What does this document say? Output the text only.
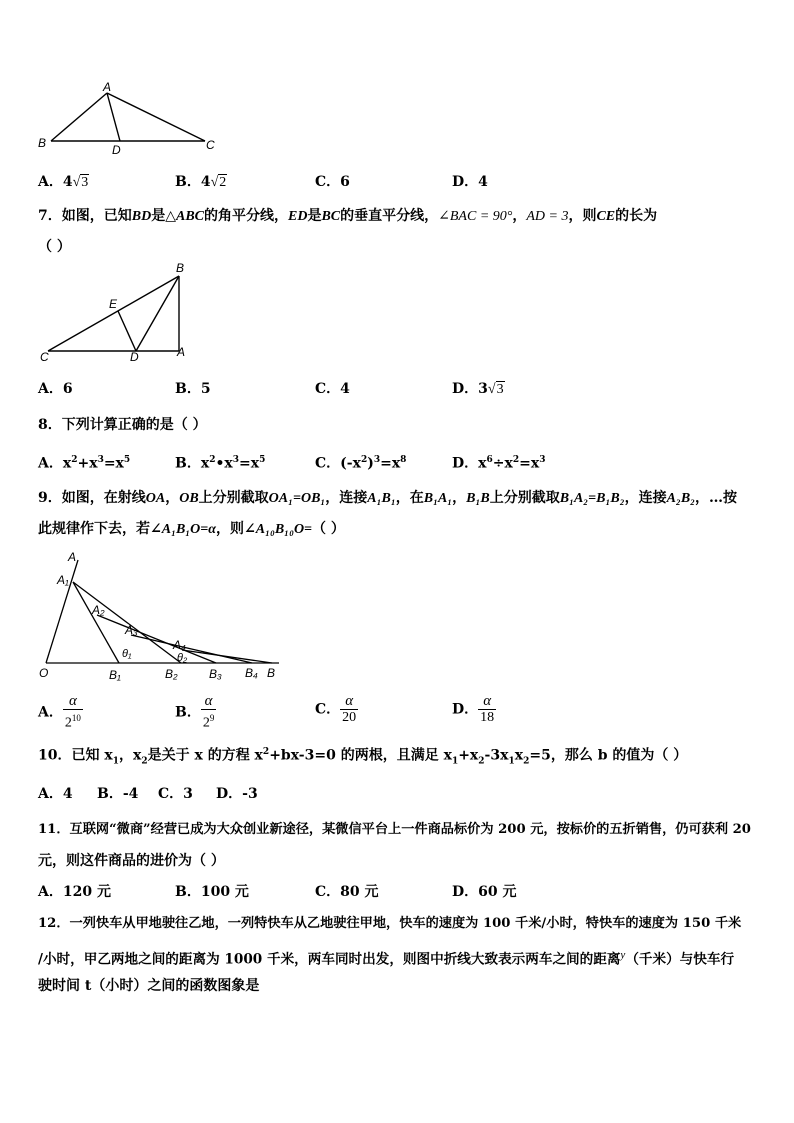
A
B	D	C
A．4√3	B．4√2	C．6	D．4
7．如图，已知BD是△ABC的角平分线，ED是BC的垂直平分线，∠BAC = 90°，AD = 3，则CE的长为
（ ）
B
E
C	D	A
A．6	B．5	C．4	D．3√3
8．下列计算正确的是（ ）
A．$x^2+x^3=x^5$	B．$x^2•x^3=x^5$	C．$(-x^2)^3=x^8$	D．$x^6\div x^2=x^3$
9．如图，在射线OA，OB上分别截取OA₁=OB₁，连接A₁B₁，在B₁A₁，B₁B上分别截取B₁A₂=B₁B₂，连接A₂B₂，…按
此规律作下去，若∠A₁B₁O=α，则∠A₁₀B₁₀O=（ ）
A
A₁
A₂
A₃
A₄
θ₁	θ₂
O	B₁	B₂	B₃ B₄ B
A． $\frac{\alpha}{2^{10}}$	B． $\frac{\alpha}{2^9}$	C． $\frac{\alpha}{20}$	D． $\frac{\alpha}{18}$
10．已知 $x_1$，$x_2$是关于 x 的方程 $x^2+bx-3=0$ 的两根，且满足 $x_1+x_2-3x_1x_2=5$，那么 b 的值为（ ）
A．4 B．-4 C．3 D．-3
11．互联网“微商”经营已成为大众创业新途径，某微信平台上一件商品标价为 200 元，按标价的五折销售，仍可获利 20
元，则这件商品的进价为（ ）
A．120 元	B．100 元	C．80 元	D．60 元
12．一列快车从甲地驶往乙地，一列特快车从乙地驶往甲地，快车的速度为 100 千米/小时，特快车的速度为 150 千米
/小时，甲乙两地之间的距离为 1000 千米，两车同时出发，则图中折线大致表示两车之间的距离$^y$（千米）与快车行
驶时间 t（小时）之间的函数图象是
